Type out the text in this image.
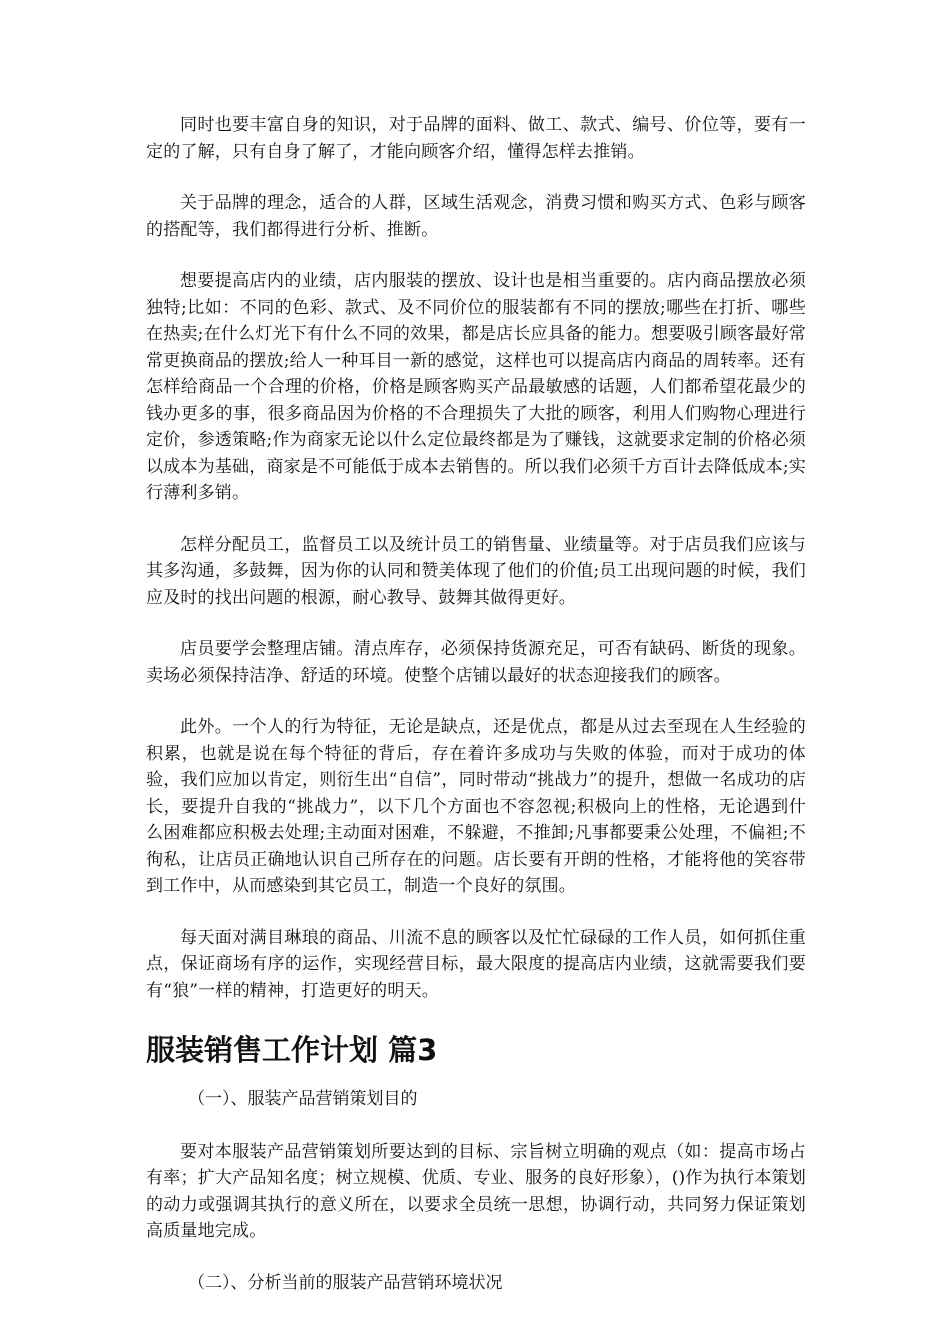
同时也要丰富自身的知识，对于品牌的面料、做工、款式、编号、价位等，要有一定的了解，只有自身了解了，才能向顾客介绍，懂得怎样去推销。

关于品牌的理念，适合的人群，区域生活观念，消费习惯和购买方式、色彩与顾客的搭配等，我们都得进行分析、推断。

想要提高店内的业绩，店内服装的摆放、设计也是相当重要的。店内商品摆放必须独特;比如：不同的色彩、款式、及不同价位的服装都有不同的摆放;哪些在打折、哪些在热卖;在什么灯光下有什么不同的效果，都是店长应具备的能力。想要吸引顾客最好常常更换商品的摆放;给人一种耳目一新的感觉，这样也可以提高店内商品的周转率。还有怎样给商品一个合理的价格，价格是顾客购买产品最敏感的话题，人们都希望花最少的钱办更多的事，很多商品因为价格的不合理损失了大批的顾客，利用人们购物心理进行定价，参透策略;作为商家无论以什么定位最终都是为了赚钱，这就要求定制的价格必须以成本为基础，商家是不可能低于成本去销售的。所以我们必须千方百计去降低成本;实行薄利多销。

怎样分配员工，监督员工以及统计员工的销售量、业绩量等。对于店员我们应该与其多沟通，多鼓舞，因为你的认同和赞美体现了他们的价值;员工出现问题的时候，我们应及时的找出问题的根源，耐心教导、鼓舞其做得更好。

店员要学会整理店铺。清点库存，必须保持货源充足，可否有缺码、断货的现象。卖场必须保持洁净、舒适的环境。使整个店铺以最好的状态迎接我们的顾客。

此外。一个人的行为特征，无论是缺点，还是优点，都是从过去至现在人生经验的积累，也就是说在每个特征的背后，存在着许多成功与失败的体验，而对于成功的体验，我们应加以肯定，则衍生出“自信”，同时带动“挑战力”的提升，想做一名成功的店长，要提升自我的“挑战力”，以下几个方面也不容忽视;积极向上的性格，无论遇到什么困难都应积极去处理;主动面对困难，不躲避，不推卸;凡事都要秉公处理，不偏袒;不徇私，让店员正确地认识自己所存在的问题。店长要有开朗的性格，才能将他的笑容带到工作中，从而感染到其它员工，制造一个良好的氛围。

每天面对满目琳琅的商品、川流不息的顾客以及忙忙碌碌的工作人员，如何抓住重点，保证商场有序的运作，实现经营目标，最大限度的提高店内业绩，这就需要我们要有“狼”一样的精神，打造更好的明天。

服装销售工作计划 篇3

（一）、服装产品营销策划目的

要对本服装产品营销策划所要达到的目标、宗旨树立明确的观点（如：提高市场占有率；扩大产品知名度；树立规模、优质、专业、服务的良好形象），()作为执行本策划的动力或强调其执行的意义所在，以要求全员统一思想，协调行动，共同努力保证策划高质量地完成。

（二）、分析当前的服装产品营销环境状况
